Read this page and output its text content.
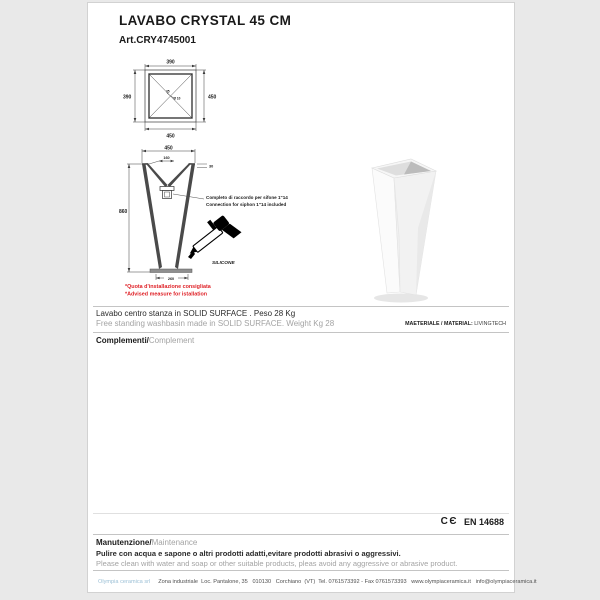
LAVABO CRYSTAL 45 CM
Art.CRY4745001
390
390	450
450
35
Ø 10
450
160
30
860
260
Completo di raccordo per sifone 1"14
Connection for siphon 1"14 included
SILICONE
*Quota d'installazione consigliata
*Advised measure for istallation
Lavabo centro stanza in SOLID SURFACE . Peso 28 Kg
Free standing washbasin made in SOLID SURFACE. Weight Kg 28	MAETERIALE / MATERIAL: LIVINGTECH
Complementi/Complement
CЄ EN 14688
Manutenzione/Maintenance
Pulire con acqua e sapone o altri prodotti adatti,evitare prodotti abrasivi o aggressivi.
Please clean with water and soap or other suitable products, pleas avoid any aggressive or abrasive product.
Olympia ceramica srl Zona industriale  Loc. Pantalone, 35   010130   Corchiano  (VT)  Tel. 0761573392 - Fax 0761573393   www.olympiaceramica.it   info@olympiaceramica.it
